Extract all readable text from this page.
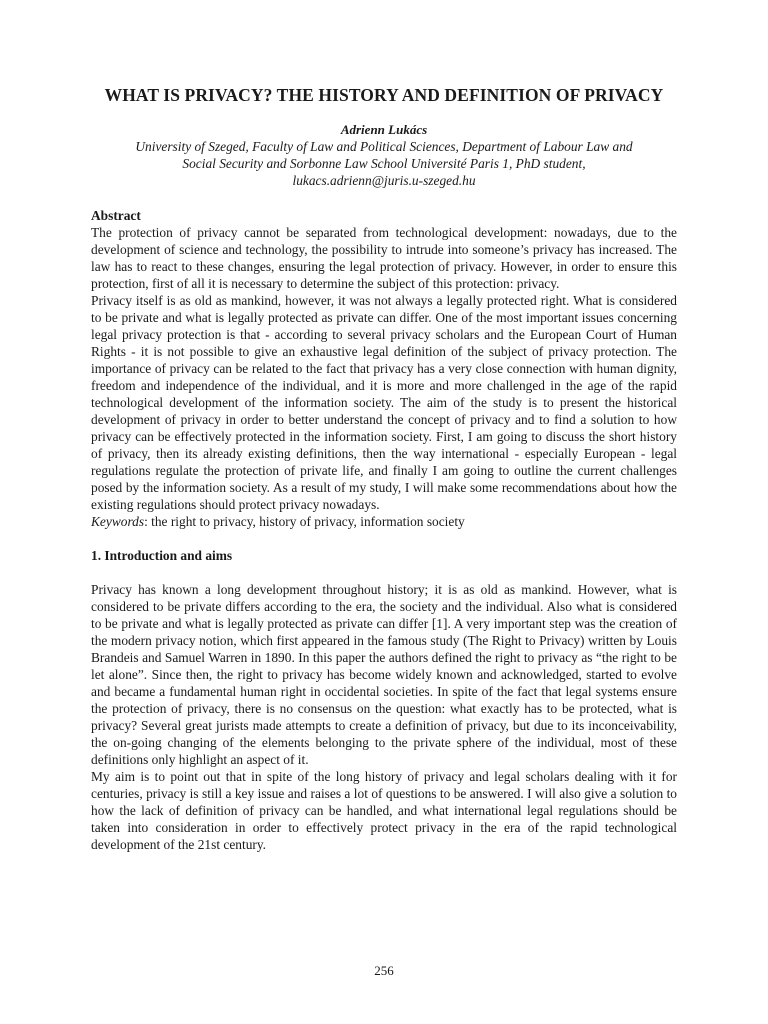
WHAT IS PRIVACY? THE HISTORY AND DEFINITION OF PRIVACY
Adrienn Lukács
University of Szeged, Faculty of Law and Political Sciences, Department of Labour Law and
Social Security and Sorbonne Law School Université Paris 1, PhD student,
lukacs.adrienn@juris.u-szeged.hu
Abstract

The protection of privacy cannot be separated from technological development: nowadays, due to the development of science and technology, the possibility to intrude into someone’s privacy has increased. The law has to react to these changes, ensuring the legal protection of privacy. However, in order to ensure this protection, first of all it is necessary to determine the subject of this protection: privacy.

Privacy itself is as old as mankind, however, it was not always a legally protected right. What is considered to be private and what is legally protected as private can differ. One of the most important issues concerning legal privacy protection is that - according to several privacy scholars and the European Court of Human Rights - it is not possible to give an exhaustive legal definition of the subject of privacy protection. The importance of privacy can be related to the fact that privacy has a very close connection with human dignity, freedom and independence of the individual, and it is more and more challenged in the age of the rapid technological development of the information society. The aim of the study is to present the historical development of privacy in order to better understand the concept of privacy and to find a solution to how privacy can be effectively protected in the information society. First, I am going to discuss the short history of privacy, then its already existing definitions, then the way international - especially European - legal regulations regulate the protection of private life, and finally I am going to outline the current challenges posed by the information society. As a result of my study, I will make some recommendations about how the existing regulations should protect privacy nowadays.

Keywords: the right to privacy, history of privacy, information society

1. Introduction and aims

Privacy has known a long development throughout history; it is as old as mankind. However, what is considered to be private differs according to the era, the society and the individual. Also what is considered to be private and what is legally protected as private can differ [1]. A very important step was the creation of the modern privacy notion, which first appeared in the famous study (The Right to Privacy) written by Louis Brandeis and Samuel Warren in 1890. In this paper the authors defined the right to privacy as “the right to be let alone”. Since then, the right to privacy has become widely known and acknowledged, started to evolve and became a fundamental human right in occidental societies. In spite of the fact that legal systems ensure the protection of privacy, there is no consensus on the question: what exactly has to be protected, what is privacy? Several great jurists made attempts to create a definition of privacy, but due to its inconceivability, the on-going changing of the elements belonging to the private sphere of the individual, most of these definitions only highlight an aspect of it.

My aim is to point out that in spite of the long history of privacy and legal scholars dealing with it for centuries, privacy is still a key issue and raises a lot of questions to be answered. I will also give a solution to how the lack of definition of privacy can be handled, and what international legal regulations should be taken into consideration in order to effectively protect privacy in the era of the rapid technological development of the 21st century.

256
